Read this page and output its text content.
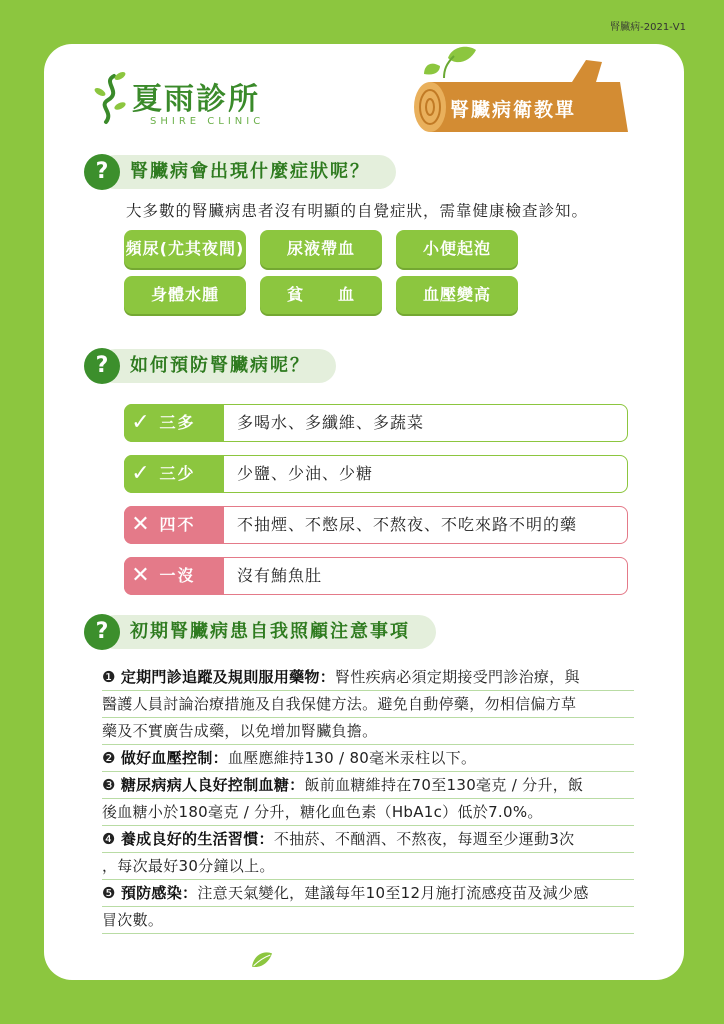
腎臟病-2021-V1
夏雨診所
SHIRE CLINIC
腎臟病衛教單
?	腎臟病會出現什麼症狀呢？
大多數的腎臟病患者沒有明顯的自覺症狀，需靠健康檢查診知。
頻尿(尤其夜間)	尿液帶血	小便起泡
身體水腫	貧　　血	血壓變高
?	如何預防腎臟病呢？
✓ 三多	多喝水、多纖維、多蔬菜
✓ 三少	少鹽、少油、少糖
✕ 四不	不抽煙、不憋尿、不熬夜、不吃來路不明的藥
✕ 一沒	沒有鮪魚肚
?	初期腎臟病患自我照顧注意事項
❶ 定期門診追蹤及規則服用藥物：腎性疾病必須定期接受門診治療，與
醫護人員討論治療措施及自我保健方法。避免自動停藥，勿相信偏方草
藥及不實廣告成藥，以免增加腎臟負擔。
❷ 做好血壓控制：血壓應維持130 / 80毫米汞柱以下。
❸ 糖尿病病人良好控制血糖：飯前血糖維持在70至130毫克 / 分升，飯
後血糖小於180毫克 / 分升，糖化血色素（HbA1c）低於7.0%。
❹ 養成良好的生活習慣：不抽菸、不酗酒、不熬夜，每週至少運動3次
，每次最好30分鐘以上。
❺ 預防感染：注意天氣變化，建議每年10至12月施打流感疫苗及減少感
冒次數。
